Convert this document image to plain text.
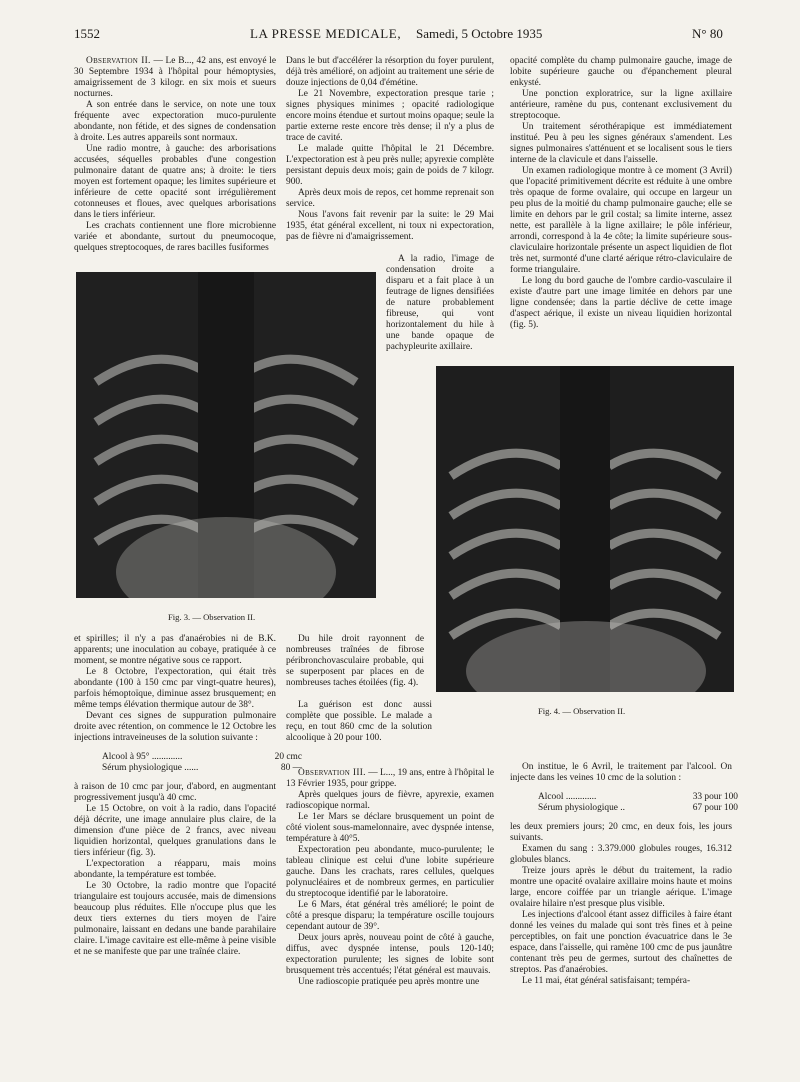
1552	LA PRESSE MEDICALE, Samedi, 5 Octobre 1935	N° 80

Observation II. — Le B..., 42 ans, est envoyé le 30 Septembre 1934 à l'hôpital pour hémoptysies, amaigrissement de 3 kilogr. en six mois et sueurs nocturnes.

A son entrée dans le service, on note une toux fréquente avec expectoration muco-purulente abondante, non fétide, et des signes de condensation à droite. Les autres appareils sont normaux.

Une radio montre, à gauche: des arborisations accusées, séquelles probables d'une congestion pulmonaire datant de quatre ans; à droite: le tiers moyen est fortement opaque; les limites supérieure et inférieure de cette opacité sont irrégulièrement cotonneuses et floues, avec quelques arborisations dans le tiers inférieur.

Les crachats contiennent une flore microbienne variée et abondante, surtout du pneumocoque, quelques streptocoques, de rares bacilles fusiformes

Dans le but d'accélérer la résorption du foyer purulent, déjà très amélioré, on adjoint au traitement une série de douze injections de 0,04 d'émétine.

Le 21 Novembre, expectoration presque tarie ; signes physiques minimes ; opacité radiologique encore moins étendue et surtout moins opaque; seule la partie externe reste encore très dense; il n'y a plus de trace de cavité.

Le malade quitte l'hôpital le 21 Décembre. L'expectoration est à peu près nulle; apyrexie complète persistant depuis deux mois; gain de poids de 7 kilogr. 900.

Après deux mois de repos, cet homme reprenait son service.

Nous l'avons fait revenir par la suite: le 29 Mai 1935, état général excellent, ni toux ni expectoration, pas de fièvre ni d'amaigrissement.

A la radio, l'image de condensation droite a disparu et a fait place à un feutrage de lignes densifiées de nature probablement fibreuse, qui vont horizontalement du hile à une bande opaque de pachypleurite axillaire.

opacité complète du champ pulmonaire gauche, image de lobite supérieure gauche ou d'épanchement pleural enkysté.

Une ponction exploratrice, sur la ligne axillaire antérieure, ramène du pus, contenant exclusivement du streptocoque.

Un traitement sérothérapique est immédiatement institué. Peu à peu les signes généraux s'amendent. Les signes pulmonaires s'atténuent et se localisent sous le tiers interne de la clavicule et dans l'aisselle.

Un examen radiologique montre à ce moment (3 Avril) que l'opacité primitivement décrite est réduite à une ombre très opaque de forme ovalaire, qui occupe en largeur un peu plus de la moitié du champ pulmonaire gauche; elle se limite en dehors par le gril costal; sa limite interne, assez nette, est parallèle à la ligne axillaire; le pôle inférieur, arrondi, correspond à la 4e côte; la limite supérieure sous-claviculaire horizontale présente un aspect liquidien de flot très net, surmonté d'une clarté aérique rétro-claviculaire de forme triangulaire.

Le long du bord gauche de l'ombre cardio-vasculaire il existe d'autre part une image limitée en dehors par une ligne condensée; dans la partie déclive de cette image d'aspect aérique, il existe un niveau liquidien horizontal (fig. 5).

Fig. 3. — Observation II.
Fig. 4. — Observation II.

et spirilles; il n'y a pas d'anaérobies ni de B.K. apparents; une inoculation au cobaye, pratiquée à ce moment, se montre négative sous ce rapport.

Le 8 Octobre, l'expectoration, qui était très abondante (100 à 150 cmc par vingt-quatre heures), parfois hémoptoïque, diminue assez brusquement; en même temps élévation thermique autour de 38°.

Devant ces signes de suppuration pulmonaire droite avec rétention, on commence le 12 Octobre les injections intraveineuses de la solution suivante :

Alcool à 95° .............	20 cmc
Sérum physiologique ......	80 —

à raison de 10 cmc par jour, d'abord, en augmentant progressivement jusqu'à 40 cmc.

Le 15 Octobre, on voit à la radio, dans l'opacité déjà décrite, une image annulaire plus claire, de la dimension d'une pièce de 2 francs, avec niveau liquidien horizontal, quelques granulations dans le tiers inférieur (fig. 3).

L'expectoration a réapparu, mais moins abondante, la température est tombée.

Le 30 Octobre, la radio montre que l'opacité triangulaire est toujours accusée, mais de dimensions beaucoup plus réduites. Elle n'occupe plus que les deux tiers externes du tiers moyen de l'aire pulmonaire, laissant en dedans une bande parahilaire claire. L'image cavitaire est elle-même à peine visible et ne se manifeste que par une traînée claire.

Du hile droit rayonnent de nombreuses traînées de fibrose péribronchovasculaire probable, qui se superposent par places en de nombreuses taches étoilées (fig. 4).

La guérison est donc aussi complète que possible. Le malade a reçu, en tout 860 cmc de la solution alcoolique à 20 pour 100.

Observation III. — L..., 19 ans, entre à l'hôpital le 13 Février 1935, pour grippe.

Après quelques jours de fièvre, apyrexie, examen radioscopique normal.

Le 1er Mars se déclare brusquement un point de côté violent sous-mamelonnaire, avec dyspnée intense, température à 40°5.

Expectoration peu abondante, muco-purulente; le tableau clinique est celui d'une lobite supérieure gauche. Dans les crachats, rares cellules, quelques polynucléaires et de nombreux germes, en particulier du streptocoque identifié par le laboratoire.

Le 6 Mars, état général très amélioré; le point de côté a presque disparu; la température oscille toujours cependant autour de 39°.

Deux jours après, nouveau point de côté à gauche, diffus, avec dyspnée intense, pouls 120-140; expectoration purulente; les signes de lobite sont brusquement très accentués; l'état général est mauvais.

Une radioscopie pratiquée peu après montre une

On institue, le 6 Avril, le traitement par l'alcool. On injecte dans les veines 10 cmc de la solution :

Alcool .............	33 pour 100
Sérum physiologique ..	67 pour 100

les deux premiers jours; 20 cmc, en deux fois, les jours suivants.

Examen du sang : 3.379.000 globules rouges, 16.312 globules blancs.

Treize jours après le début du traitement, la radio montre une opacité ovalaire axillaire moins haute et moins large, encore coiffée par un triangle aérique. L'image ovalaire hilaire n'est presque plus visible.

Les injections d'alcool étant assez difficiles à faire étant donné les veines du malade qui sont très fines et à peine perceptibles, on fait une ponction évacuatrice dans le 3e espace, dans l'aisselle, qui ramène 100 cmc de pus jaunâtre contenant très peu de germes, surtout des chaînettes de streptos. Pas d'anaérobies.

Le 11 mai, état général satisfaisant; tempéra-
